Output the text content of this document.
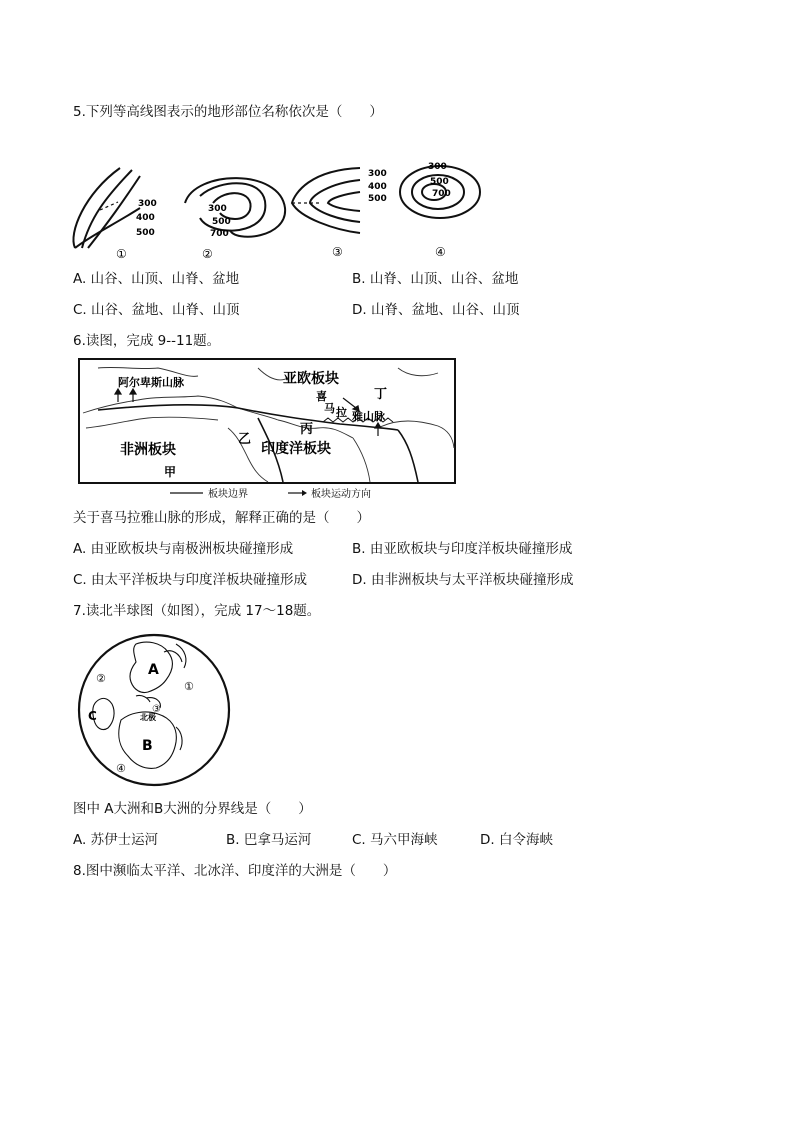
5.下列等高线图表示的地形部位名称依次是（　　）
300
400
500
①
300
500
700
②
300
400
500
③
300
500
700
④
A. 山谷、山顶、山脊、盆地	B. 山脊、山顶、山谷、盆地
C. 山谷、盆地、山脊、山顶	D. 山脊、盆地、山谷、山顶
6.读图，完成 9--11题。
阿尔卑斯山脉	亚欧板块
丁
喜
马 拉 雅山脉
丙
乙
非洲板块
甲
印度洋板块
板块边界	板块运动方向
关于喜马拉雅山脉的形成，解释正确的是（　　）
A. 由亚欧板块与南极洲板块碰撞形成	B. 由亚欧板块与印度洋板块碰撞形成
C. 由太平洋板块与印度洋板块碰撞形成	D. 由非洲板块与太平洋板块碰撞形成
7.读北半球图（如图），完成 17～18题。
A
B
C
①
②
③
④
北极
图中 A大洲和B大洲的分界线是（　　）
A. 苏伊士运河	B. 巴拿马运河	C. 马六甲海峡	D. 白令海峡
8.图中濒临太平洋、北冰洋、印度洋的大洲是（　　）
